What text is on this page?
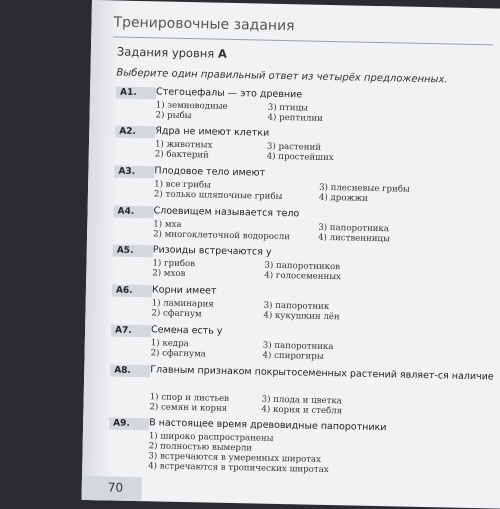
Тренировочные задания
Задания уровня А
Выберите один правильный ответ из четырёх предложенных.
А1.	Стегоцефалы — это древние
1) земноводные
2) рыбы
3) птицы
4) рептилии
А2.	Ядра не имеют клетки
1) животных
2) бактерий
3) растений
4) простейших
А3.	Плодовое тело имеют
1) все грибы
2) только шляпочные грибы
3) плесневые грибы
4) дрожжи
А4.	Слоевищем называется тело
1) мха
2) многоклеточной водоросли
3) папоротника
4) лиственницы
А5.	Ризоиды встречаются у
1) грибов
2) мхов
3) папоротников
4) голосеменных
А6.	Корни имеет
1) ламинария
2) сфагнум
3) папоротник
4) кукушкин лён
А7.	Семена есть у
1) кедра
2) сфагнума
3) папоротника
4) спирогиры
А8.	Главным признаком покрытосеменных растений являет-ся наличие
1) спор и листьев
2) семян и корня
3) плода и цветка
4) корня и стебля
А9.	В настоящее время древовидные папоротники
1) широко распространены
2) полностью вымерли
3) встречаются в умеренных широтах
4) встречаются в тропических широтах
70
